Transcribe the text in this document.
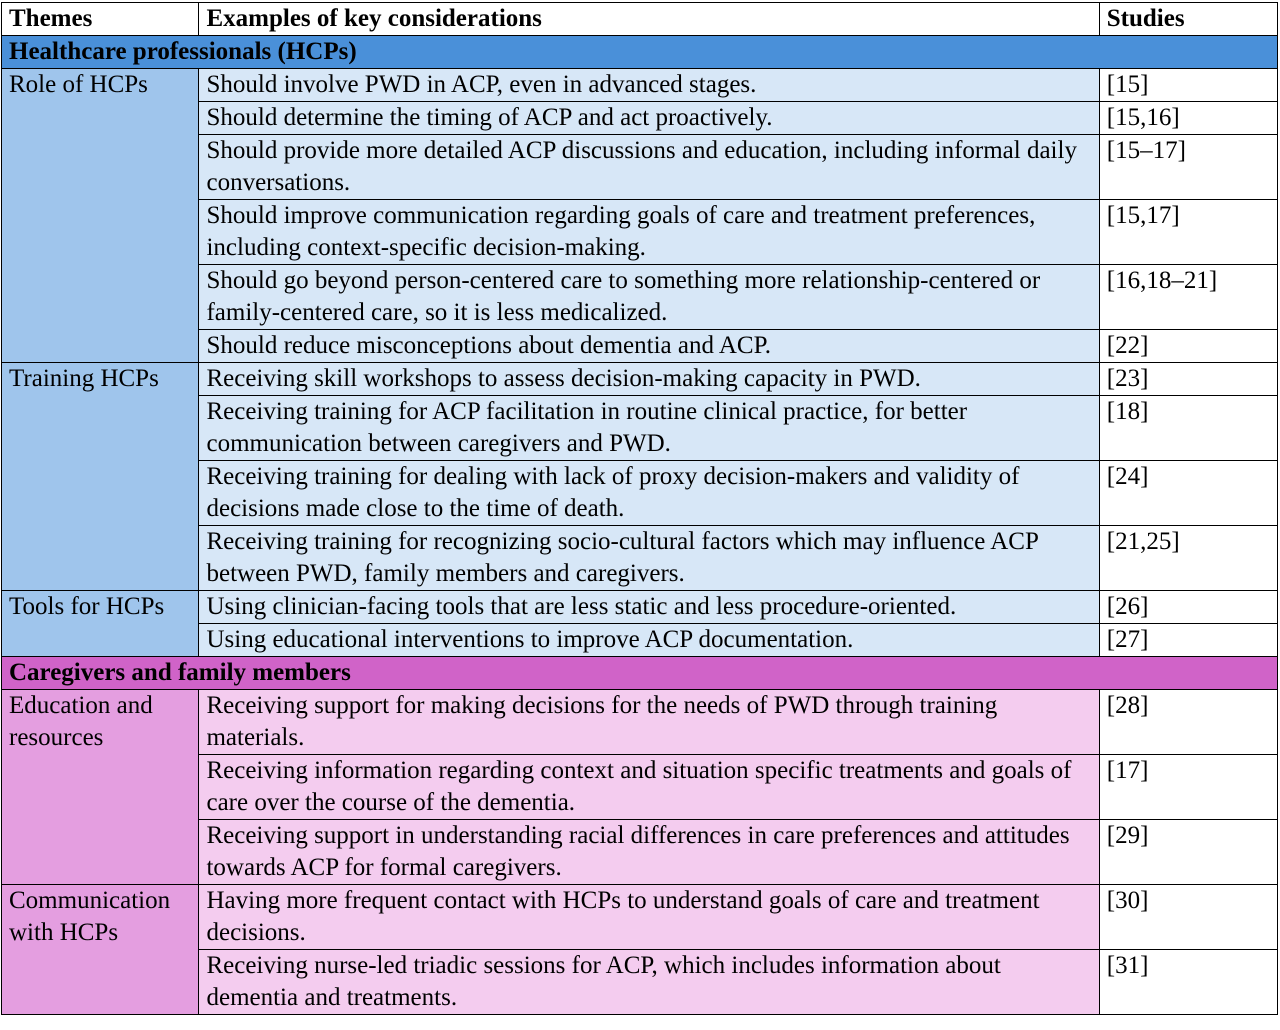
Themes	Examples of key considerations	Studies
Healthcare professionals (HCPs)		
Role of HCPs	Should involve PWD in ACP, even in advanced stages.	[15]
	Should determine the timing of ACP and act proactively.	[15,16]
	Should provide more detailed ACP discussions and education, including informal daily conversations.	[15–17]
	Should improve communication regarding goals of care and treatment preferences, including context-specific decision-making.	[15,17]
	Should go beyond person-centered care to something more relationship-centered or family-centered care, so it is less medicalized.	[16,18–21]
	Should reduce misconceptions about dementia and ACP.	[22]
Training HCPs	Receiving skill workshops to assess decision-making capacity in PWD.	[23]
	Receiving training for ACP facilitation in routine clinical practice, for better communication between caregivers and PWD.	[18]
	Receiving training for dealing with lack of proxy decision-makers and validity of decisions made close to the time of death.	[24]
	Receiving training for recognizing socio-cultural factors which may influence ACP between PWD, family members and caregivers.	[21,25]
Tools for HCPs	Using clinician-facing tools that are less static and less procedure-oriented.	[26]
	Using educational interventions to improve ACP documentation.	[27]
Caregivers and family members		
Education and resources	Receiving support for making decisions for the needs of PWD through training materials.	[28]
	Receiving information regarding context and situation specific treatments and goals of care over the course of the dementia.	[17]
	Receiving support in understanding racial differences in care preferences and attitudes towards ACP for formal caregivers.	[29]
Communication with HCPs	Having more frequent contact with HCPs to understand goals of care and treatment decisions.	[30]
	Receiving nurse-led triadic sessions for ACP, which includes information about dementia and treatments.	[31]
